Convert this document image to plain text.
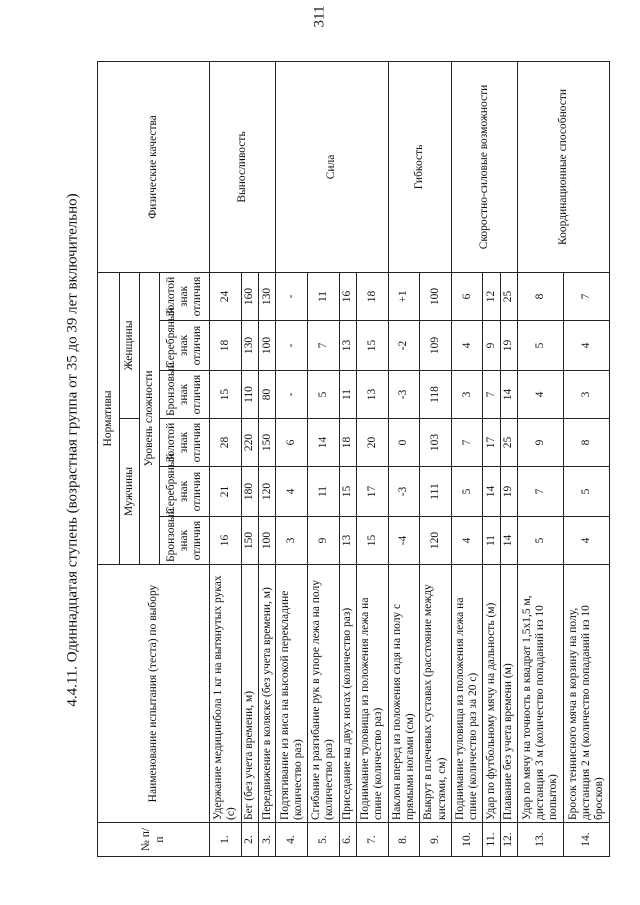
311
4.4.11. Одиннадцатая ступень (возрастная группа от 35 до 39 лет включительно)
№ п/п	Наименование испытания (теста) по выбору	Нормативы						Физические качества
		Мужчины			Женщины			
		Уровень сложности						
		Бронзовый знак отличия	Серебряный знак отличия	Золотой знак отличия	Бронзовый знак отличия	Серебряный знак отличия	Золотой знак отличия	
1.	Удержание медицинбола 1 кг на вытянутых руках (с)	16	21	28	15	18	24	Выносливость
2.	Бег (без учета времени, м)	150	180	220	110	130	160	
3.	Передвижение в коляске (без учета времени, м)	100	120	150	80	100	130	
4.	Подтягивание из виса на высокой перекладине (количество раз)	3	4	6	-	-	-	Сила
5.	Сгибание и разгибание рук в упоре лежа на полу (количество раз)	9	11	14	5	7	11	
6.	Приседание на двух ногах (количество раз)	13	15	18	11	13	16	
7.	Поднимание туловища из положения лежа на спине (количество раз)	15	17	20	13	15	18	
8.	Наклон вперед из положения сидя на полу с прямыми ногами (см)	-4	-3	0	-3	-2	+1	Гибкость
9.	Выкрут в плечевых суставах (расстояние между кистями, см)	120	111	103	118	109	100	
10.	Поднимание туловища из положения лежа на спине (количество раз за 20 с)	4	5	7	3	4	6	Скоростно-силовые возможности
11.	Удар по футбольному мячу на дальность (м)	11	14	17	7	9	12	
12.	Плавание без учета времени (м)	14	19	25	14	19	25	
13.	Удар по мячу на точность в квадрат 1,5х1,5 м, дистанция 3 м (количество попаданий из 10 попыток)	5	7	9	4	5	8	Координационные способности
14.	Бросок теннисного мяча в корзину на полу, дистанция 2 м (количество попаданий из 10 бросков)	4	5	8	3	4	7	
